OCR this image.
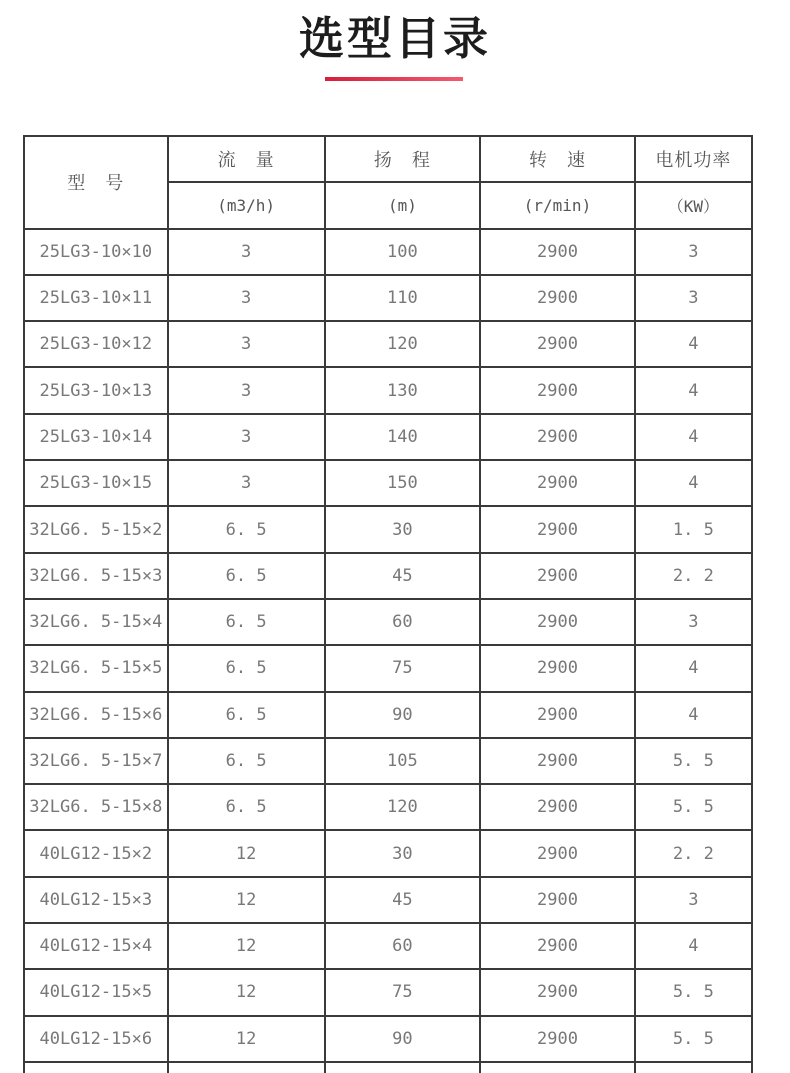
选型目录
型　号
流　量	扬　程	转　速	电机功率
(m3/h)	(m)	(r/min)	（KW）
25LG3-10×10	3	100	2900	3
25LG3-10×11	3	110	2900	3
25LG3-10×12	3	120	2900	4
25LG3-10×13	3	130	2900	4
25LG3-10×14	3	140	2900	4
25LG3-10×15	3	150	2900	4
32LG6. 5-15×2	6. 5	30	2900	1. 5
32LG6. 5-15×3	6. 5	45	2900	2. 2
32LG6. 5-15×4	6. 5	60	2900	3
32LG6. 5-15×5	6. 5	75	2900	4
32LG6. 5-15×6	6. 5	90	2900	4
32LG6. 5-15×7	6. 5	105	2900	5. 5
32LG6. 5-15×8	6. 5	120	2900	5. 5
40LG12-15×2	12	30	2900	2. 2
40LG12-15×3	12	45	2900	3
40LG12-15×4	12	60	2900	4
40LG12-15×5	12	75	2900	5. 5
40LG12-15×6	12	90	2900	5. 5
